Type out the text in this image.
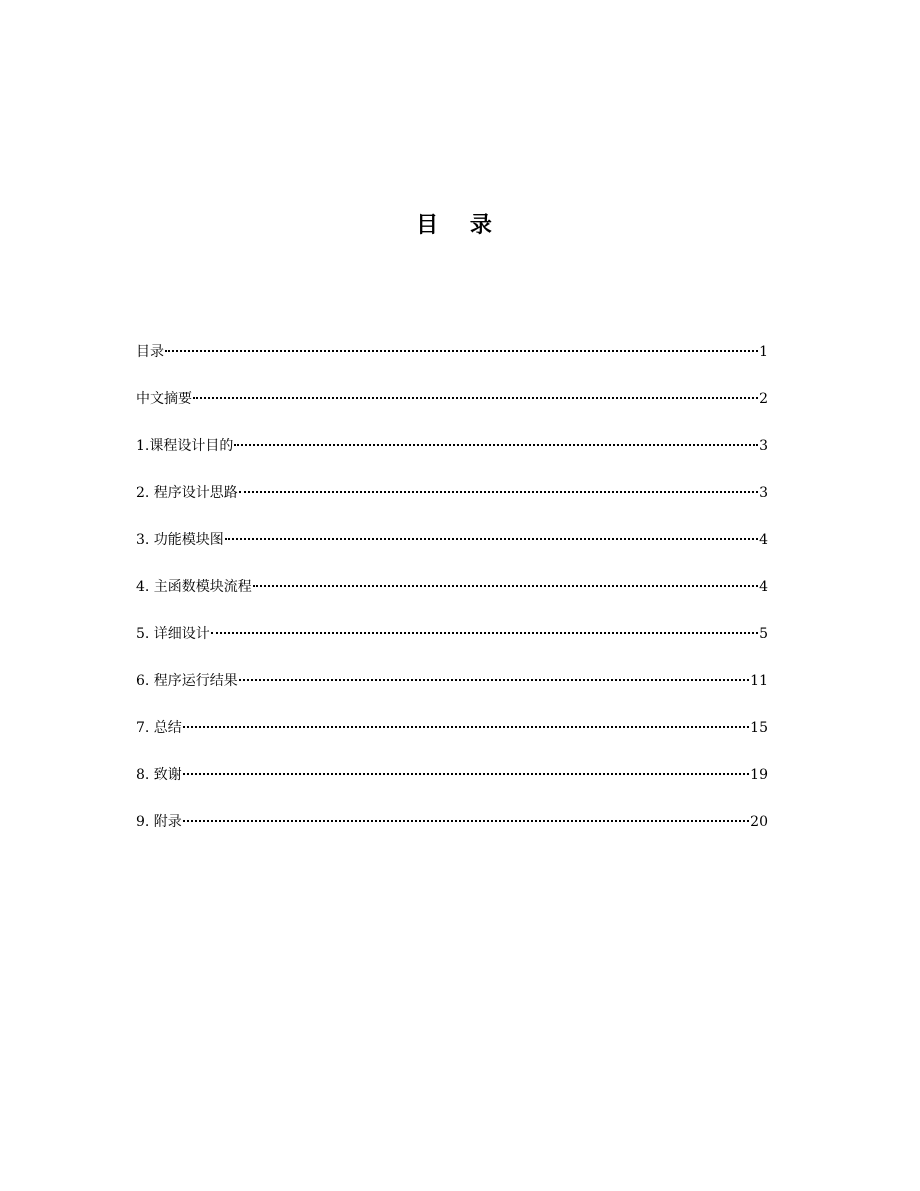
目 录
目录	1
中文摘要	2
1.课程设计目的	3
2. 程序设计思路	3
3. 功能模块图	4
4. 主函数模块流程	4
5. 详细设计	5
6. 程序运行结果	11
7. 总结	15
8. 致谢	19
9. 附录	20
